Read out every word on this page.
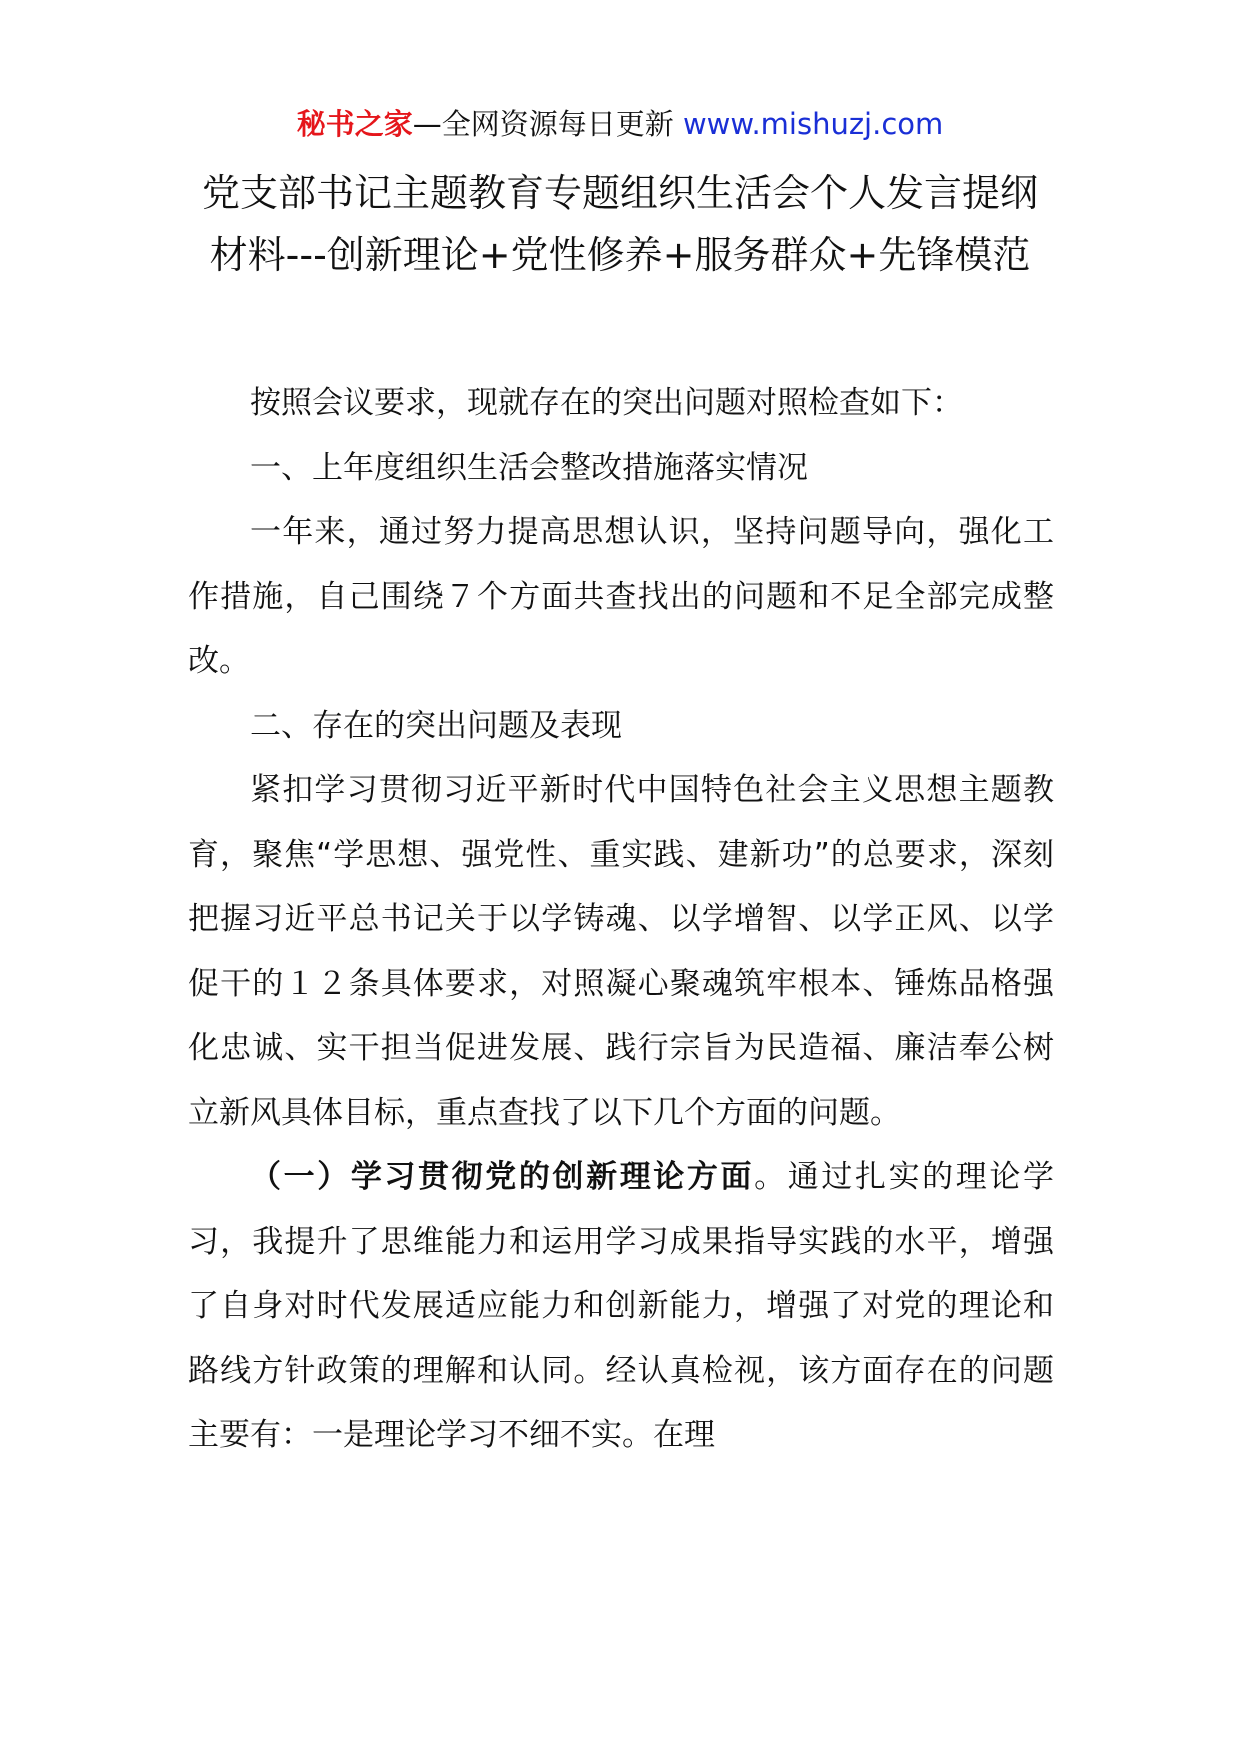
秘书之家—全网资源每日更新 www.mishuzj.com
党支部书记主题教育专题组织生活会个人发言提纲材料---创新理论+党性修养+服务群众+先锋模范

按照会议要求，现就存在的突出问题对照检查如下：

一、上年度组织生活会整改措施落实情况

一年来，通过努力提高思想认识，坚持问题导向，强化工作措施，自己围绕７个方面共查找出的问题和不足全部完成整改。

二、存在的突出问题及表现

紧扣学习贯彻习近平新时代中国特色社会主义思想主题教育，聚焦“学思想、强党性、重实践、建新功”的总要求，深刻把握习近平总书记关于以学铸魂、以学增智、以学正风、以学促干的１２条具体要求，对照凝心聚魂筑牢根本、锤炼品格强化忠诚、实干担当促进发展、践行宗旨为民造福、廉洁奉公树立新风具体目标，重点查找了以下几个方面的问题。

（一）学习贯彻党的创新理论方面。通过扎实的理论学习，我提升了思维能力和运用学习成果指导实践的水平，增强了自身对时代发展适应能力和创新能力，增强了对党的理论和路线方针政策的理解和认同。经认真检视，该方面存在的问题主要有：一是理论学习不细不实。在理
